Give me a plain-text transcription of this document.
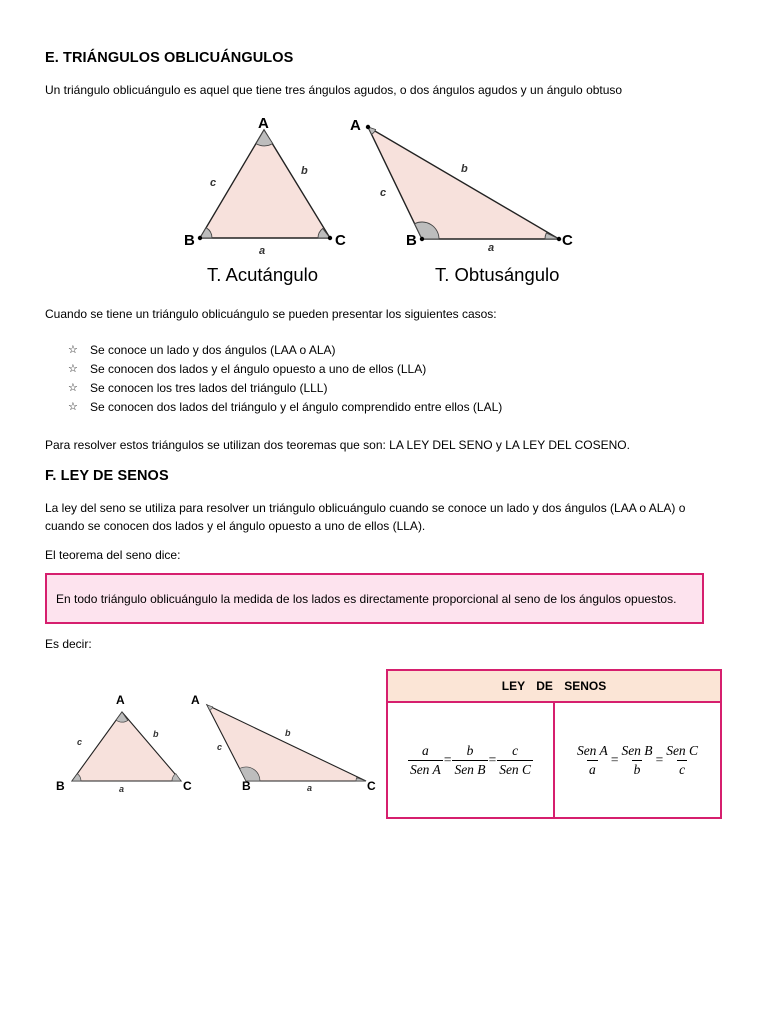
E. TRIÁNGULOS OBLICUÁNGULOS
Un triángulo oblicuángulo es aquel que tiene tres ángulos agudos, o dos ángulos agudos y un ángulo obtuso
A
B	C
c
b
a
A
B	C
c
b
a
T. Acutángulo	T. Obtusángulo
Cuando se tiene un triángulo oblicuángulo se pueden presentar los siguientes casos:
☆	Se conoce un lado y dos ángulos (LAA o ALA)
☆	Se conocen dos lados y el ángulo opuesto a uno de ellos (LLA)
☆	Se conocen los tres lados del triángulo (LLL)
☆	Se conocen dos lados del triángulo y el ángulo comprendido entre ellos (LAL)
Para resolver estos triángulos se utilizan dos teoremas que son: LA LEY DEL SENO y LA LEY DEL COSENO.
F. LEY DE SENOS
La ley del seno se utiliza para resolver un triángulo oblicuángulo cuando se conoce un lado y dos ángulos (LAA o ALA) o cuando se conocen dos lados y el ángulo opuesto a uno de ellos (LLA).
El teorema del seno dice:
En todo triángulo oblicuángulo la medida de los lados es directamente proporcional al seno de los ángulos opuestos.
Es decir:
A
B	C
c
b
a
A
B	C
c
b
a
LEY DE SENOS

$\frac{a}{\text{Sen A}} = \frac{b}{\text{Sen B}} = \frac{c}{\text{Sen C}}$	$\frac{\text{Sen A}}{a} = \frac{\text{Sen B}}{b} = \frac{\text{Sen C}}{c}$
